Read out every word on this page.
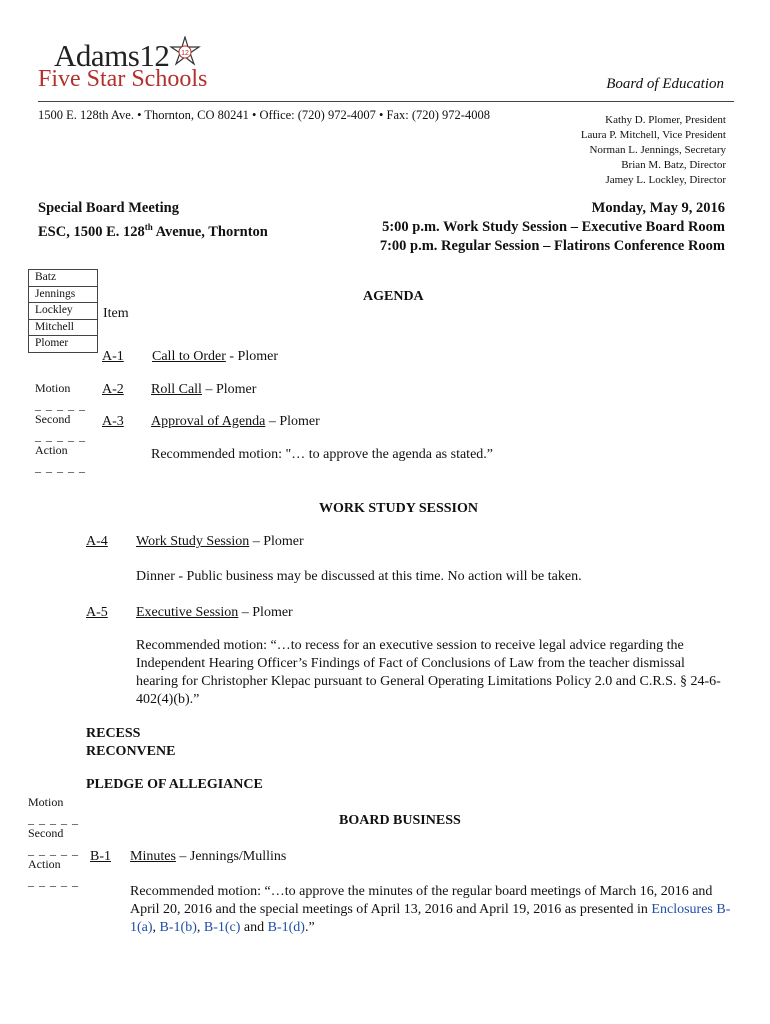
Adams12 12
Five Star Schools	Board of Education
1500 E. 128th Ave. • Thornton, CO 80241 • Office: (720) 972-4007 • Fax: (720) 972-4008	Kathy D. Plomer, President
Laura P. Mitchell, Vice President
Norman L. Jennings, Secretary
Brian M. Batz, Director
Jamey L. Lockley, Director
Special Board Meeting
ESC, 1500 E. 128th Avenue, Thornton
Monday, May 9, 2016
5:00 p.m. Work Study Session – Executive Board Room
7:00 p.m. Regular Session – Flatirons Conference Room
Batz
Jennings
Lockley
Mitchell
Plomer
Item
AGENDA
Motion
_ _ _ _ _
Second
_ _ _ _ _
Action
_ _ _ _ _
A-1 Call to Order - Plomer
A-2 Roll Call – Plomer
A-3 Approval of Agenda – Plomer
Recommended motion: "… to approve the agenda as stated.”
WORK STUDY SESSION
A-4 Work Study Session – Plomer
Dinner - Public business may be discussed at this time. No action will be taken.
A-5 Executive Session – Plomer
Recommended motion: “…to recess for an executive session to receive legal advice regarding the Independent Hearing Officer’s Findings of Fact of Conclusions of Law from the teacher dismissal hearing for Christopher Klepac pursuant to General Operating Limitations Policy 2.0 and C.R.S. § 24-6-402(4)(b).”
RECESS
RECONVENE
PLEDGE OF ALLEGIANCE
Motion
_ _ _ _ _
Second
_ _ _ _ _
Action
_ _ _ _ _
BOARD BUSINESS
B-1 Minutes – Jennings/Mullins
Recommended motion: “…to approve the minutes of the regular board meetings of March 16, 2016 and April 20, 2016 and the special meetings of April 13, 2016 and April 19, 2016 as presented in Enclosures B-1(a), B-1(b), B-1(c) and B-1(d).”
